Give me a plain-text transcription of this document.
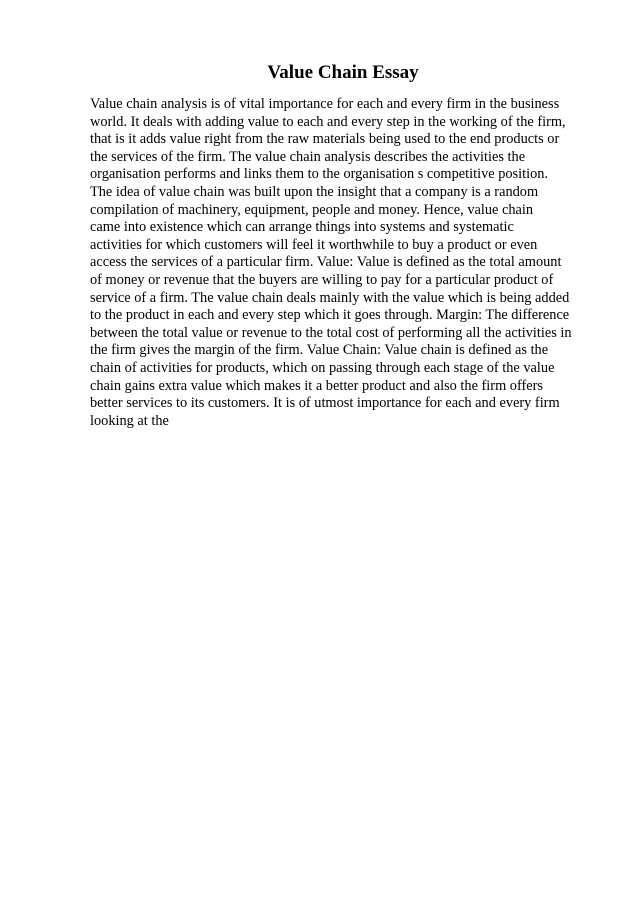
Value Chain Essay
Value chain analysis is of vital importance for each and every firm in the business
world. It deals with adding value to each and every step in the working of the firm,
that is it adds value right from the raw materials being used to the end products or
the services of the firm. The value chain analysis describes the activities the
organisation performs and links them to the organisation s competitive position.
The idea of value chain was built upon the insight that a company is a random
compilation of machinery, equipment, people and money. Hence, value chain
came into existence which can arrange things into systems and systematic
activities for which customers will feel it worthwhile to buy a product or even
access the services of a particular firm. Value: Value is defined as the total amount
of money or revenue that the buyers are willing to pay for a particular product of
service of a firm. The value chain deals mainly with the value which is being added
to the product in each and every step which it goes through. Margin: The difference
between the total value or revenue to the total cost of performing all the activities in
the firm gives the margin of the firm. Value Chain: Value chain is defined as the
chain of activities for products, which on passing through each stage of the value
chain gains extra value which makes it a better product and also the firm offers
better services to its customers. It is of utmost importance for each and every firm
looking at the
